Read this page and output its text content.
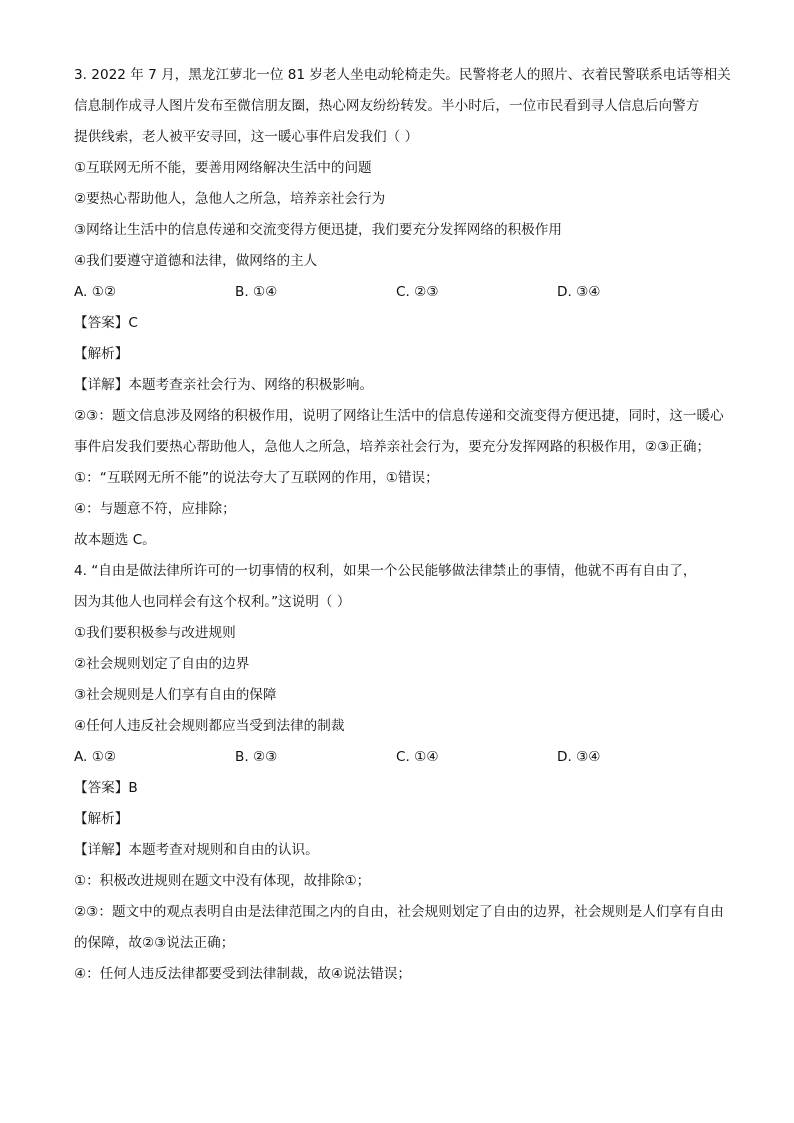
3. 2022 年 7 月，黑龙江萝北一位 81 岁老人坐电动轮椅走失。民警将老人的照片、衣着民警联系电话等相关
信息制作成寻人图片发布至微信朋友圈，热心网友纷纷转发。半小时后，一位市民看到寻人信息后向警方
提供线索，老人被平安寻回，这一暖心事件启发我们（ ）
①互联网无所不能，要善用网络解决生活中的问题
②要热心帮助他人，急他人之所急，培养亲社会行为
③网络让生活中的信息传递和交流变得方便迅捷，我们要充分发挥网络的积极作用
④我们要遵守道德和法律，做网络的主人
A. ①②	B. ①④	C. ②③	D. ③④
【答案】C
【解析】
【详解】本题考查亲社会行为、网络的积极影响。
②③：题文信息涉及网络的积极作用，说明了网络让生活中的信息传递和交流变得方便迅捷，同时，这一暖心事件启发我们要热心帮助他人，急他人之所急，培养亲社会行为，要充分发挥网路的积极作用，②③正确；
①：“互联网无所不能”的说法夸大了互联网的作用，①错误；
④：与题意不符，应排除；
故本题选 C。
4. “自由是做法律所许可的一切事情的权利，如果一个公民能够做法律禁止的事情，他就不再有自由了，
因为其他人也同样会有这个权利。”这说明（ ）
①我们要积极参与改进规则
②社会规则划定了自由的边界
③社会规则是人们享有自由的保障
④任何人违反社会规则都应当受到法律的制裁
A. ①②	B. ②③	C. ①④	D. ③④
【答案】B
【解析】
【详解】本题考查对规则和自由的认识。
①：积极改进规则在题文中没有体现，故排除①；
②③：题文中的观点表明自由是法律范围之内的自由，社会规则划定了自由的边界，社会规则是人们享有自由的保障，故②③说法正确；
④：任何人违反法律都要受到法律制裁，故④说法错误；
